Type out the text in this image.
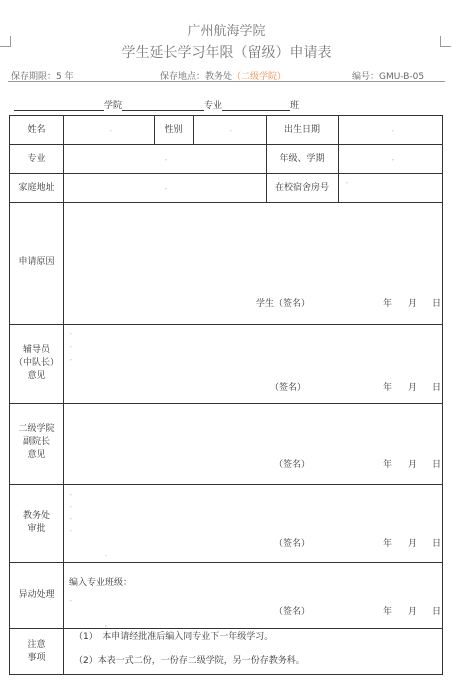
广州航海学院
学生延长学习年限（留级）申请表
保存期限：5 年	保存地点：教务处（二级学院）	编号：GMU-B-05
学院	专业	班
姓名	性别	出生日期
专业	年级、学期
家庭地址	在校宿舍房号
申请原因
学生（签名）	年 月 日
辅导员
（中队长）
意见
（签名）	年 月 日
二级学院
副院长
意见
（签名）	年 月 日
教务处
审批
（签名）	年 月 日
异动处理
编入专业班级：
（签名）	年 月 日
注意
事项
（1）　本申请经批准后编入同专业下一年级学习。
（2）本表一式二份，一份存二级学院，另一份存教务科。
,	,	,
,	,
,
,
,
,
,
,
,
,
,
,
,
,
